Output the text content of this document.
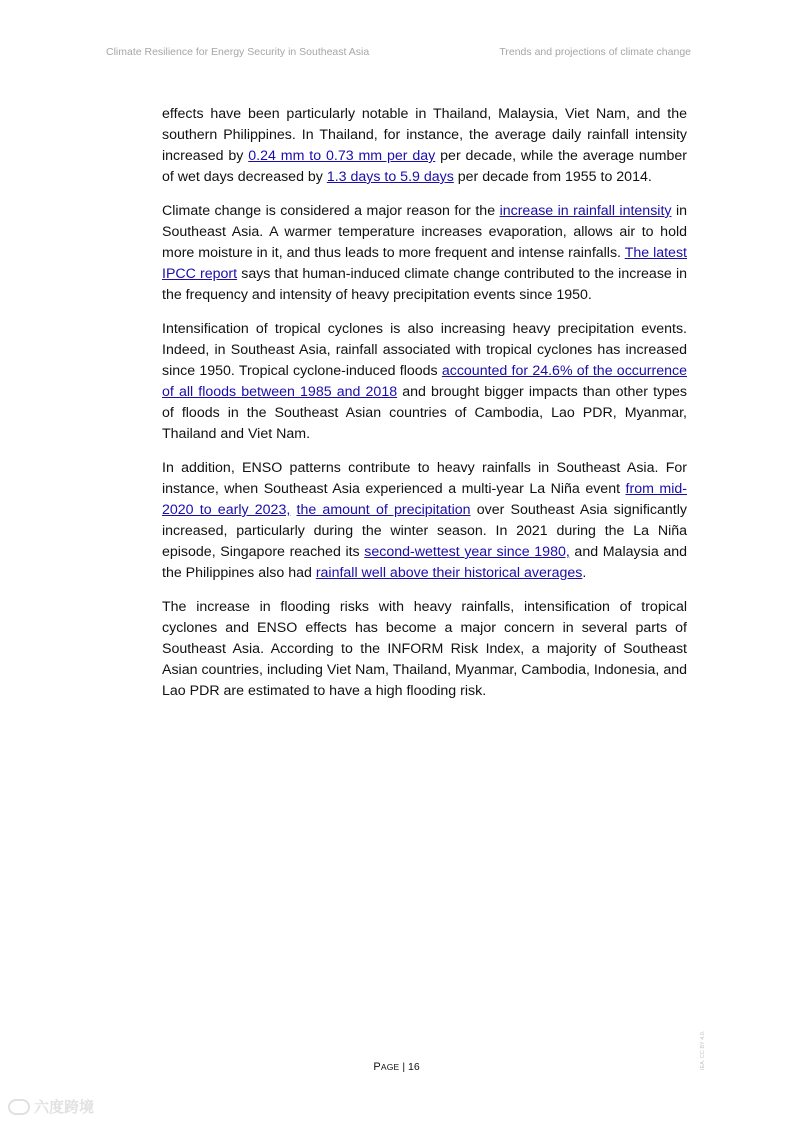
Climate Resilience for Energy Security in Southeast Asia	Trends and projections of climate change

effects have been particularly notable in Thailand, Malaysia, Viet Nam, and the southern Philippines. In Thailand, for instance, the average daily rainfall intensity increased by 0.24 mm to 0.73 mm per day per decade, while the average number of wet days decreased by 1.3 days to 5.9 days per decade from 1955 to 2014.

Climate change is considered a major reason for the increase in rainfall intensity in Southeast Asia. A warmer temperature increases evaporation, allows air to hold more moisture in it, and thus leads to more frequent and intense rainfalls. The latest IPCC report says that human-induced climate change contributed to the increase in the frequency and intensity of heavy precipitation events since 1950.

Intensification of tropical cyclones is also increasing heavy precipitation events. Indeed, in Southeast Asia, rainfall associated with tropical cyclones has increased since 1950. Tropical cyclone-induced floods accounted for 24.6% of the occurrence of all floods between 1985 and 2018 and brought bigger impacts than other types of floods in the Southeast Asian countries of Cambodia, Lao PDR, Myanmar, Thailand and Viet Nam.

In addition, ENSO patterns contribute to heavy rainfalls in Southeast Asia. For instance, when Southeast Asia experienced a multi-year La Niña event from mid-2020 to early 2023, the amount of precipitation over Southeast Asia significantly increased, particularly during the winter season. In 2021 during the La Niña episode, Singapore reached its second-wettest year since 1980, and Malaysia and the Philippines also had rainfall well above their historical averages.

The increase in flooding risks with heavy rainfalls, intensification of tropical cyclones and ENSO effects has become a major concern in several parts of Southeast Asia. According to the INFORM Risk Index, a majority of Southeast Asian countries, including Viet Nam, Thailand, Myanmar, Cambodia, Indonesia, and Lao PDR are estimated to have a high flooding risk.

PAGE | 16	IEA. CC BY 4.0.
六度跨境
